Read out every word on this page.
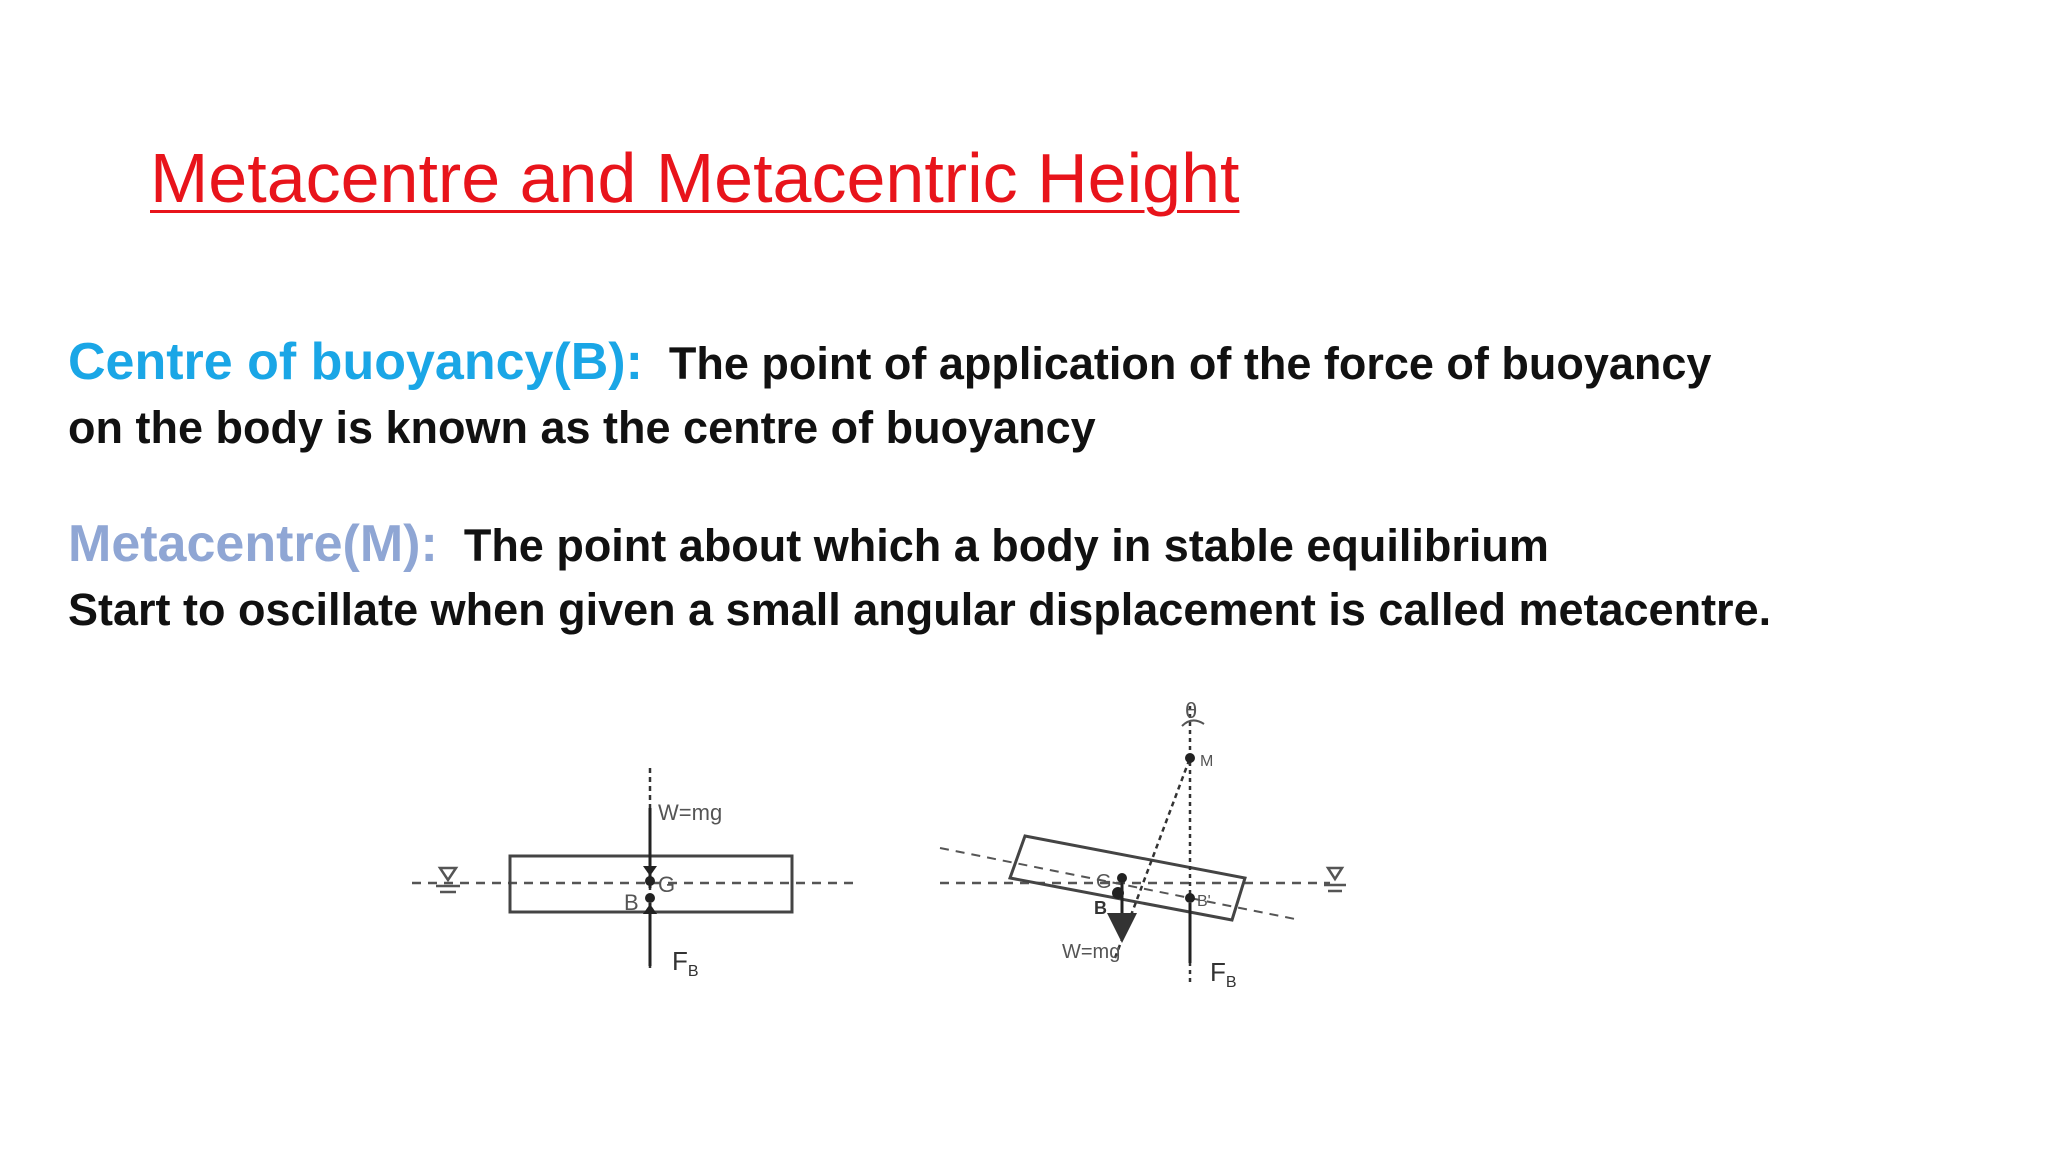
Metacentre and Metacentric Height
Centre of buoyancy(B): The point of application of the force of buoyancy
on the body is known as the centre of buoyancy
Metacentre(M): The point about which a body in stable equilibrium
Start to oscillate when given a small angular displacement is called metacentre.
W=mg
G
B
$F_B$
θ
M
G
B	B'
W=mg
$F_B$
